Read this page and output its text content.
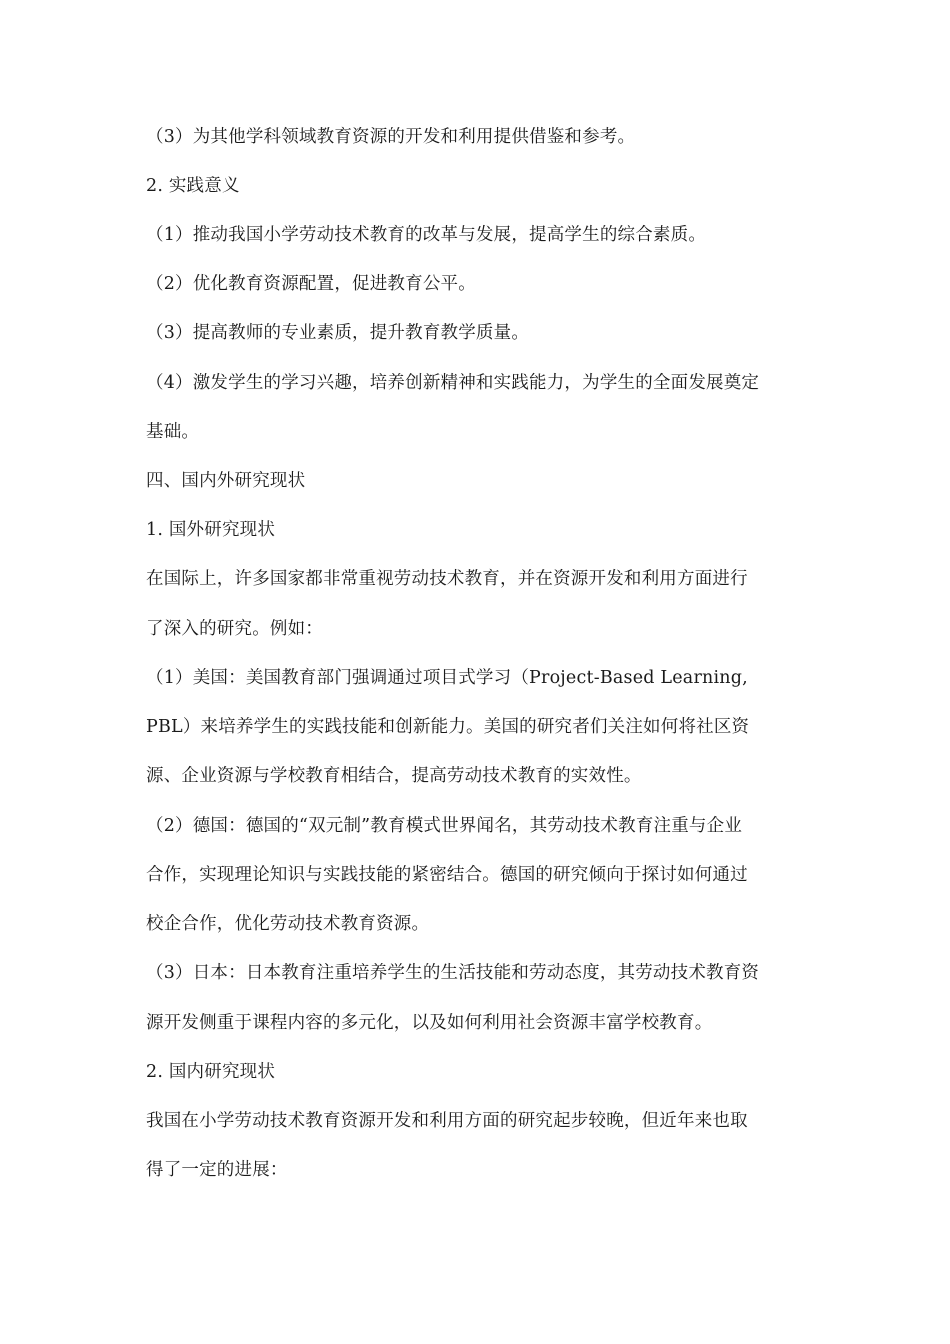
（3）为其他学科领域教育资源的开发和利用提供借鉴和参考。

2. 实践意义

（1）推动我国小学劳动技术教育的改革与发展，提高学生的综合素质。

（2）优化教育资源配置，促进教育公平。

（3）提高教师的专业素质，提升教育教学质量。

（4）激发学生的学习兴趣，培养创新精神和实践能力，为学生的全面发展奠定

基础。

四、国内外研究现状

1. 国外研究现状

在国际上，许多国家都非常重视劳动技术教育，并在资源开发和利用方面进行

了深入的研究。例如：

（1）美国：美国教育部门强调通过项目式学习（Project-Based Learning,

PBL）来培养学生的实践技能和创新能力。美国的研究者们关注如何将社区资

源、企业资源与学校教育相结合，提高劳动技术教育的实效性。

（2）德国：德国的“双元制”教育模式世界闻名，其劳动技术教育注重与企业

合作，实现理论知识与实践技能的紧密结合。德国的研究倾向于探讨如何通过

校企合作，优化劳动技术教育资源。

（3）日本：日本教育注重培养学生的生活技能和劳动态度，其劳动技术教育资

源开发侧重于课程内容的多元化，以及如何利用社会资源丰富学校教育。

2. 国内研究现状

我国在小学劳动技术教育资源开发和利用方面的研究起步较晚，但近年来也取

得了一定的进展：
